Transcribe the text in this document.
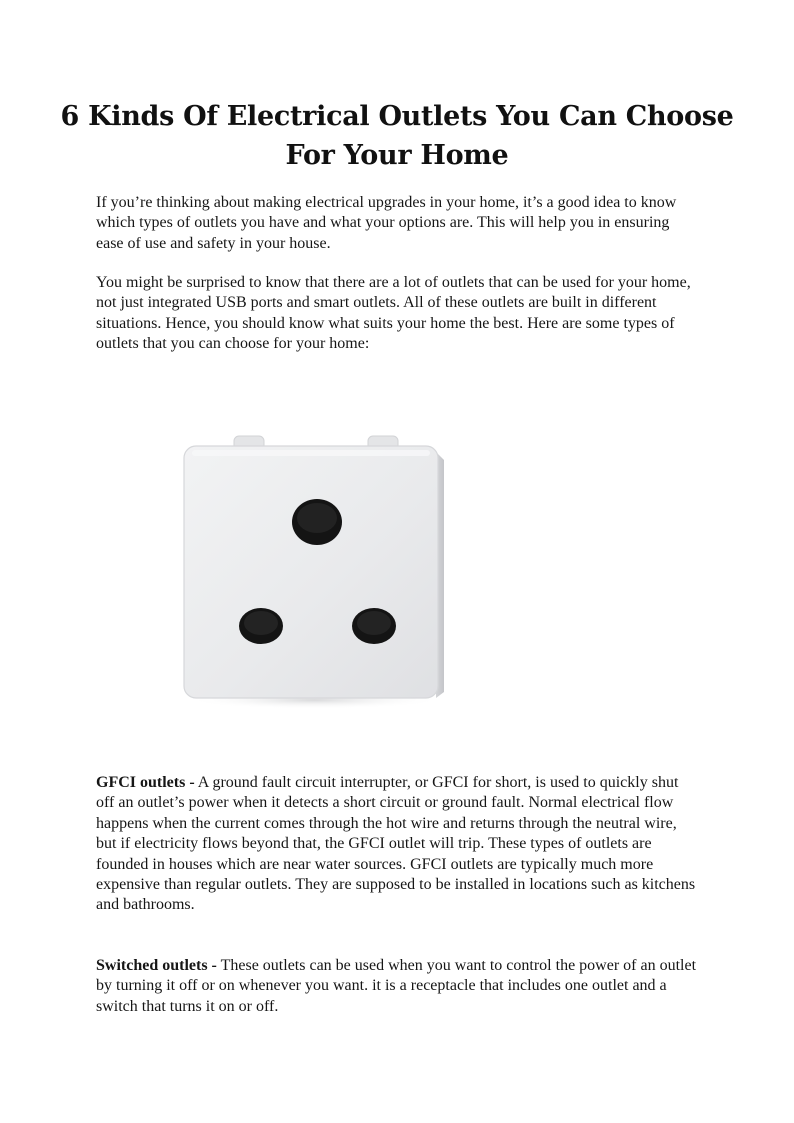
6 Kinds Of Electrical Outlets You Can Choose For Your Home

If you’re thinking about making electrical upgrades in your home, it’s a good idea to know which types of outlets you have and what your options are. This will help you in ensuring ease of use and safety in your house.

You might be surprised to know that there are a lot of outlets that can be used for your home, not just integrated USB ports and smart outlets. All of these outlets are built in different situations. Hence, you should know what suits your home the best. Here are some types of outlets that you can choose for your home:

GFCI outlets - A ground fault circuit interrupter, or GFCI for short, is used to quickly shut off an outlet’s power when it detects a short circuit or ground fault. Normal electrical flow happens when the current comes through the hot wire and returns through the neutral wire, but if electricity flows beyond that, the GFCI outlet will trip. These types of outlets are founded in houses which are near water sources. GFCI outlets are typically much more expensive than regular outlets. They are supposed to be installed in locations such as kitchens and bathrooms.

Switched outlets - These outlets can be used when you want to control the power of an outlet by turning it off or on whenever you want. it is a receptacle that includes one outlet and a switch that turns it on or off.
